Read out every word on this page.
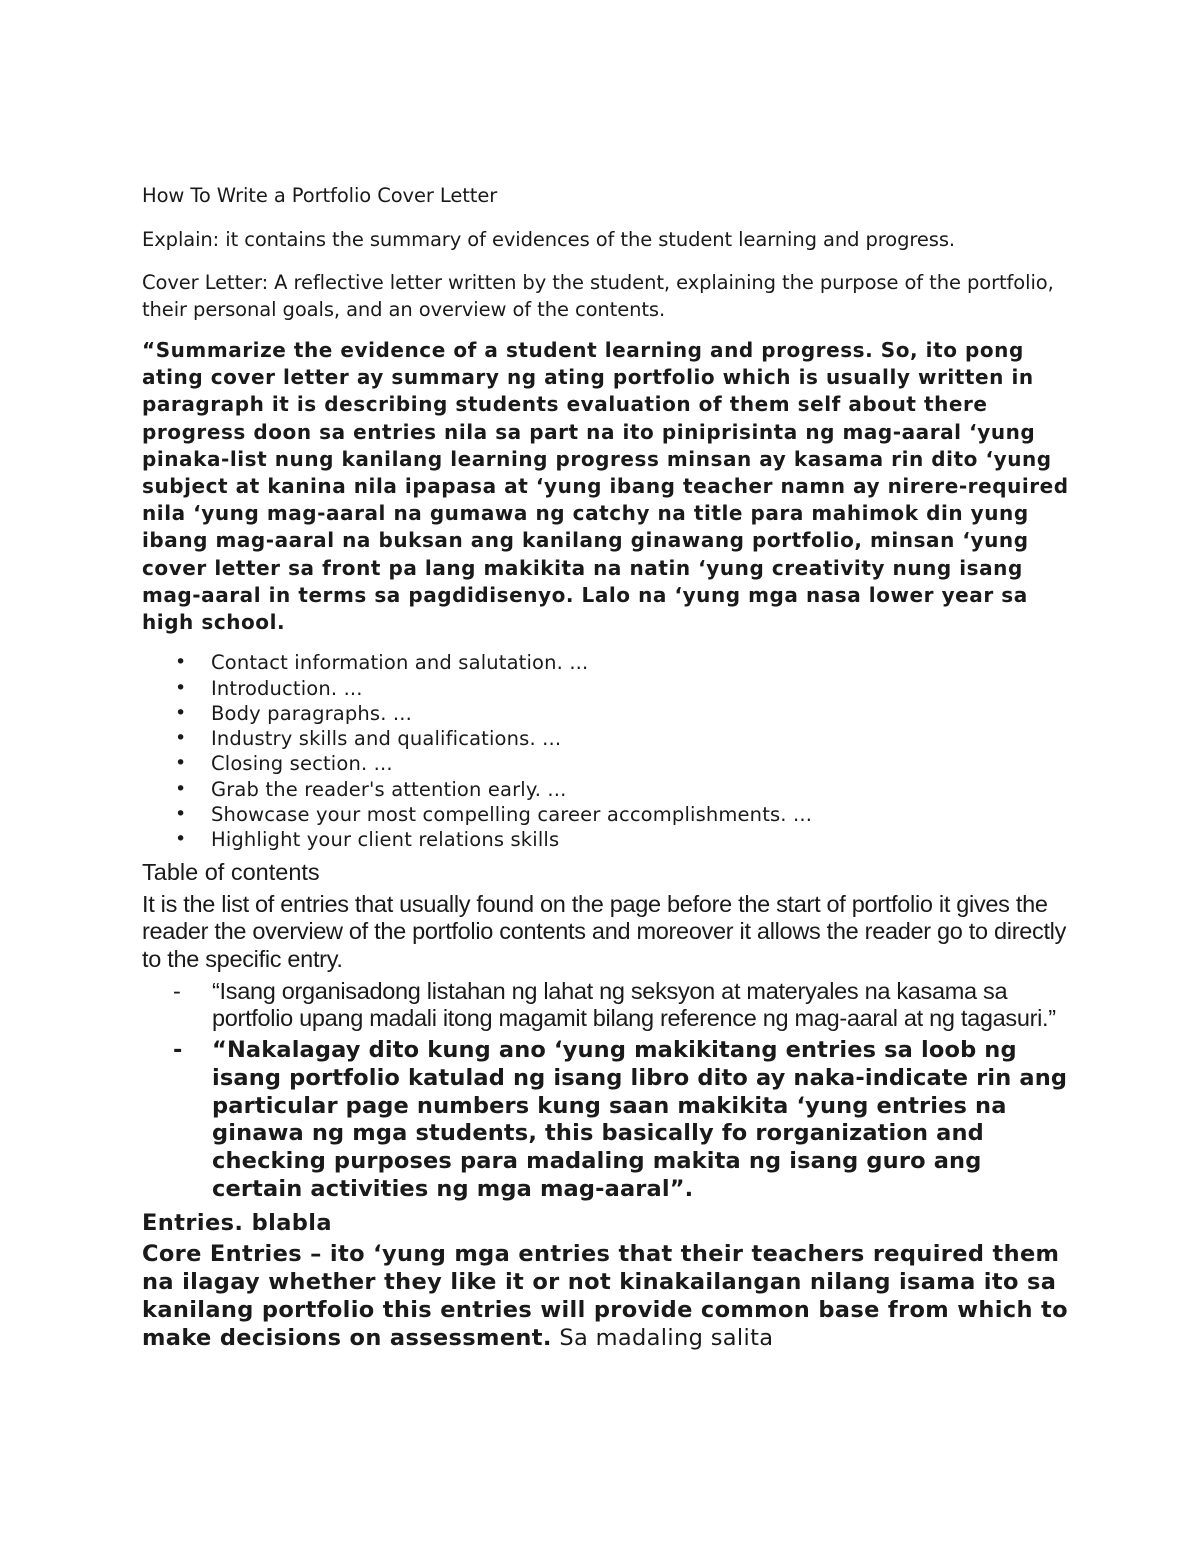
How To Write a Portfolio Cover Letter

Explain: it contains the summary of evidences of the student learning and progress.

Cover Letter: A reflective letter written by the student, explaining the purpose of the portfolio, their personal goals, and an overview of the contents.

“Summarize the evidence of a student learning and progress. So, ito pong ating cover letter ay summary ng ating portfolio which is usually written in paragraph it is describing students evaluation of them self about there progress doon sa entries nila sa part na ito piniprisinta ng mag-aaral ‘yung pinaka-list nung kanilang learning progress minsan ay kasama rin dito ‘yung subject at kanina nila ipapasa at ‘yung ibang teacher namn ay nirere-required nila ‘yung mag-aaral na gumawa ng catchy na title para mahimok din yung ibang mag-aaral na buksan ang kanilang ginawang portfolio, minsan ‘yung cover letter sa front pa lang makikita na natin ‘yung creativity nung isang mag-aaral in terms sa pagdidisenyo. Lalo na ‘yung mga nasa lower year sa high school.

• Contact information and salutation. ...
• Introduction. ...
• Body paragraphs. ...
• Industry skills and qualifications. ...
• Closing section. ...
• Grab the reader's attention early. ...
• Showcase your most compelling career accomplishments. ...
• Highlight your client relations skills

Table of contents

It is the list of entries that usually found on the page before the start of portfolio it gives the reader the overview of the portfolio contents and moreover it allows the reader go to directly to the specific entry.

- “Isang organisadong listahan ng lahat ng seksyon at materyales na kasama sa portfolio upang madali itong magamit bilang reference ng mag-aaral at ng tagasuri.”
- “Nakalagay dito kung ano ‘yung makikitang entries sa loob ng isang portfolio katulad ng isang libro dito ay naka-indicate rin ang particular page numbers kung saan makikita ‘yung entries na ginawa ng mga students, this basically fo rorganization and checking purposes para madaling makita ng isang guro ang certain activities ng mga mag-aaral”.

Entries. blabla

Core Entries – ito ‘yung mga entries that their teachers required them na ilagay whether they like it or not kinakailangan nilang isama ito sa kanilang portfolio this entries will provide common base from which to make decisions on assessment. Sa madaling salita
